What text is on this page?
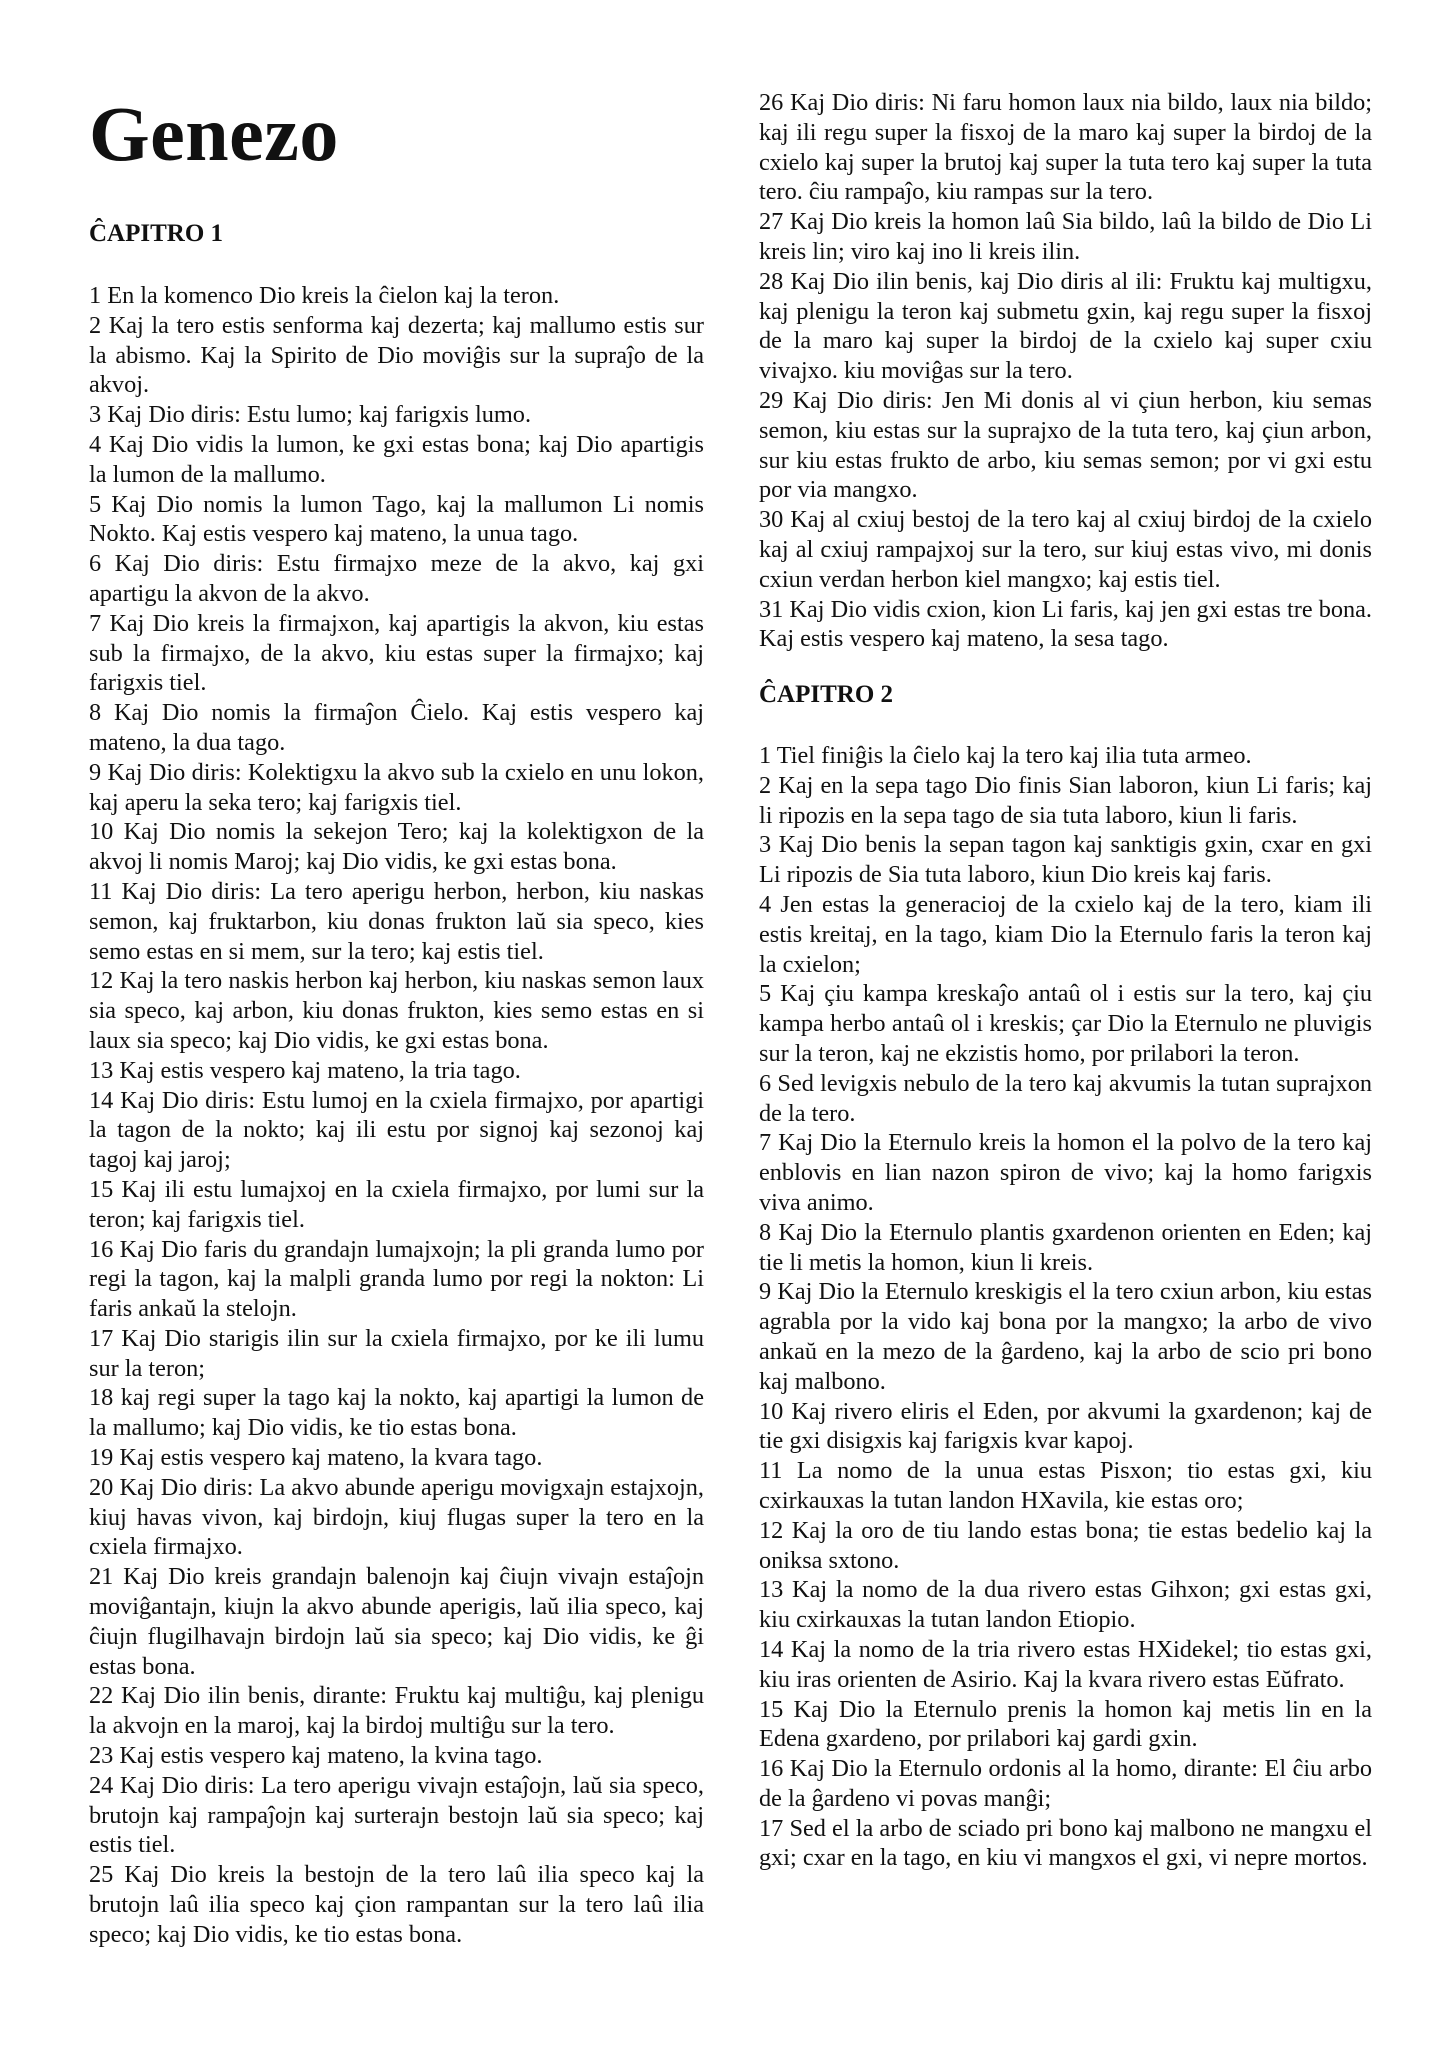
Genezo
ĈAPITRO 1

1 En la komenco Dio kreis la ĉielon kaj la teron.

2 Kaj la tero estis senforma kaj dezerta; kaj mallumo estis sur la abismo. Kaj la Spirito de Dio moviĝis sur la supraĵo de la akvoj.

3 Kaj Dio diris: Estu lumo; kaj farigxis lumo.

4 Kaj Dio vidis la lumon, ke gxi estas bona; kaj Dio apartigis la lumon de la mallumo.

5 Kaj Dio nomis la lumon Tago, kaj la mallumon Li nomis Nokto. Kaj estis vespero kaj mateno, la unua tago.

6 Kaj Dio diris: Estu firmajxo meze de la akvo, kaj gxi apartigu la akvon de la akvo.

7 Kaj Dio kreis la firmajxon, kaj apartigis la akvon, kiu estas sub la firmajxo, de la akvo, kiu estas super la firmajxo; kaj farigxis tiel.

8 Kaj Dio nomis la firmaĵon Ĉielo. Kaj estis vespero kaj mateno, la dua tago.

9 Kaj Dio diris: Kolektigxu la akvo sub la cxielo en unu lokon, kaj aperu la seka tero; kaj farigxis tiel.

10 Kaj Dio nomis la sekejon Tero; kaj la kolektigxon de la akvoj li nomis Maroj; kaj Dio vidis, ke gxi estas bona.

11 Kaj Dio diris: La tero aperigu herbon, herbon, kiu naskas semon, kaj fruktarbon, kiu donas frukton laŭ sia speco, kies semo estas en si mem, sur la tero; kaj estis tiel.

12 Kaj la tero naskis herbon kaj herbon, kiu naskas semon laux sia speco, kaj arbon, kiu donas frukton, kies semo estas en si laux sia speco; kaj Dio vidis, ke gxi estas bona.

13 Kaj estis vespero kaj mateno, la tria tago.

14 Kaj Dio diris: Estu lumoj en la cxiela firmajxo, por apartigi la tagon de la nokto; kaj ili estu por signoj kaj sezonoj kaj tagoj kaj jaroj;

15 Kaj ili estu lumajxoj en la cxiela firmajxo, por lumi sur la teron; kaj farigxis tiel.

16 Kaj Dio faris du grandajn lumajxojn; la pli granda lumo por regi la tagon, kaj la malpli granda lumo por regi la nokton: Li faris ankaŭ la stelojn.

17 Kaj Dio starigis ilin sur la cxiela firmajxo, por ke ili lumu sur la teron;

18 kaj regi super la tago kaj la nokto, kaj apartigi la lumon de la mallumo; kaj Dio vidis, ke tio estas bona.

19 Kaj estis vespero kaj mateno, la kvara tago.

20 Kaj Dio diris: La akvo abunde aperigu movigxajn estajxojn, kiuj havas vivon, kaj birdojn, kiuj flugas super la tero en la cxiela firmajxo.

21 Kaj Dio kreis grandajn balenojn kaj ĉiujn vivajn estaĵojn moviĝantajn, kiujn la akvo abunde aperigis, laŭ ilia speco, kaj ĉiujn flugilhavajn birdojn laŭ sia speco; kaj Dio vidis, ke ĝi estas bona.

22 Kaj Dio ilin benis, dirante: Fruktu kaj multiĝu, kaj plenigu la akvojn en la maroj, kaj la birdoj multiĝu sur la tero.

23 Kaj estis vespero kaj mateno, la kvina tago.

24 Kaj Dio diris: La tero aperigu vivajn estaĵojn, laŭ sia speco, brutojn kaj rampaĵojn kaj surterajn bestojn laŭ sia speco; kaj estis tiel.

25 Kaj Dio kreis la bestojn de la tero laû ilia speco kaj la brutojn laû ilia speco kaj çion rampantan sur la tero laû ilia speco; kaj Dio vidis, ke tio estas bona.

26 Kaj Dio diris: Ni faru homon laux nia bildo, laux nia bildo; kaj ili regu super la fisxoj de la maro kaj super la birdoj de la cxielo kaj super la brutoj kaj super la tuta tero kaj super la tuta tero. ĉiu rampaĵo, kiu rampas sur la tero.

27 Kaj Dio kreis la homon laû Sia bildo, laû la bildo de Dio Li kreis lin; viro kaj ino li kreis ilin.

28 Kaj Dio ilin benis, kaj Dio diris al ili: Fruktu kaj multigxu, kaj plenigu la teron kaj submetu gxin, kaj regu super la fisxoj de la maro kaj super la birdoj de la cxielo kaj super cxiu vivajxo. kiu moviĝas sur la tero.

29 Kaj Dio diris: Jen Mi donis al vi çiun herbon, kiu semas semon, kiu estas sur la suprajxo de la tuta tero, kaj çiun arbon, sur kiu estas frukto de arbo, kiu semas semon; por vi gxi estu por via mangxo.

30 Kaj al cxiuj bestoj de la tero kaj al cxiuj birdoj de la cxielo kaj al cxiuj rampajxoj sur la tero, sur kiuj estas vivo, mi donis cxiun verdan herbon kiel mangxo; kaj estis tiel.

31 Kaj Dio vidis cxion, kion Li faris, kaj jen gxi estas tre bona. Kaj estis vespero kaj mateno, la sesa tago.

ĈAPITRO 2

1 Tiel finiĝis la ĉielo kaj la tero kaj ilia tuta armeo.

2 Kaj en la sepa tago Dio finis Sian laboron, kiun Li faris; kaj li ripozis en la sepa tago de sia tuta laboro, kiun li faris.

3 Kaj Dio benis la sepan tagon kaj sanktigis gxin, cxar en gxi Li ripozis de Sia tuta laboro, kiun Dio kreis kaj faris.

4 Jen estas la generacioj de la cxielo kaj de la tero, kiam ili estis kreitaj, en la tago, kiam Dio la Eternulo faris la teron kaj la cxielon;

5 Kaj çiu kampa kreskaĵo antaû ol i estis sur la tero, kaj çiu kampa herbo antaû ol i kreskis; çar Dio la Eternulo ne pluvigis sur la teron, kaj ne ekzistis homo, por prilabori la teron.

6 Sed levigxis nebulo de la tero kaj akvumis la tutan suprajxon de la tero.

7 Kaj Dio la Eternulo kreis la homon el la polvo de la tero kaj enblovis en lian nazon spiron de vivo; kaj la homo farigxis viva animo.

8 Kaj Dio la Eternulo plantis gxardenon orienten en Eden; kaj tie li metis la homon, kiun li kreis.

9 Kaj Dio la Eternulo kreskigis el la tero cxiun arbon, kiu estas agrabla por la vido kaj bona por la mangxo; la arbo de vivo ankaŭ en la mezo de la ĝardeno, kaj la arbo de scio pri bono kaj malbono.

10 Kaj rivero eliris el Eden, por akvumi la gxardenon; kaj de tie gxi disigxis kaj farigxis kvar kapoj.

11 La nomo de la unua estas Pisxon; tio estas gxi, kiu cxirkauxas la tutan landon HXavila, kie estas oro;

12 Kaj la oro de tiu lando estas bona; tie estas bedelio kaj la oniksa sxtono.

13 Kaj la nomo de la dua rivero estas Gihxon; gxi estas gxi, kiu cxirkauxas la tutan landon Etiopio.

14 Kaj la nomo de la tria rivero estas HXidekel; tio estas gxi, kiu iras orienten de Asirio. Kaj la kvara rivero estas Eŭfrato.

15 Kaj Dio la Eternulo prenis la homon kaj metis lin en la Edena gxardeno, por prilabori kaj gardi gxin.

16 Kaj Dio la Eternulo ordonis al la homo, dirante: El ĉiu arbo de la ĝardeno vi povas manĝi;

17 Sed el la arbo de sciado pri bono kaj malbono ne mangxu el gxi; cxar en la tago, en kiu vi mangxos el gxi, vi nepre mortos.
